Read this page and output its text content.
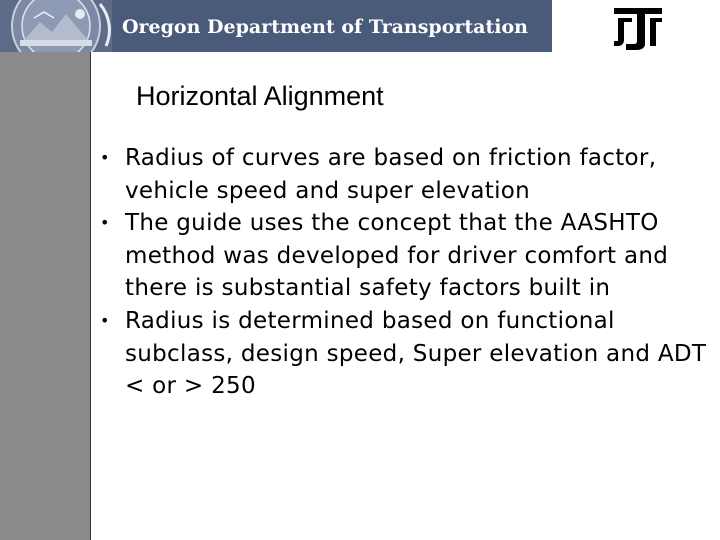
Oregon Department of Transportation
Horizontal Alignment
• Radius of curves are based on friction factor, vehicle speed and super elevation
• The guide uses the concept that the AASHTO method was developed for driver comfort and there is substantial safety factors built in
• Radius is determined based on functional subclass, design speed, Super elevation and ADT < or > 250
